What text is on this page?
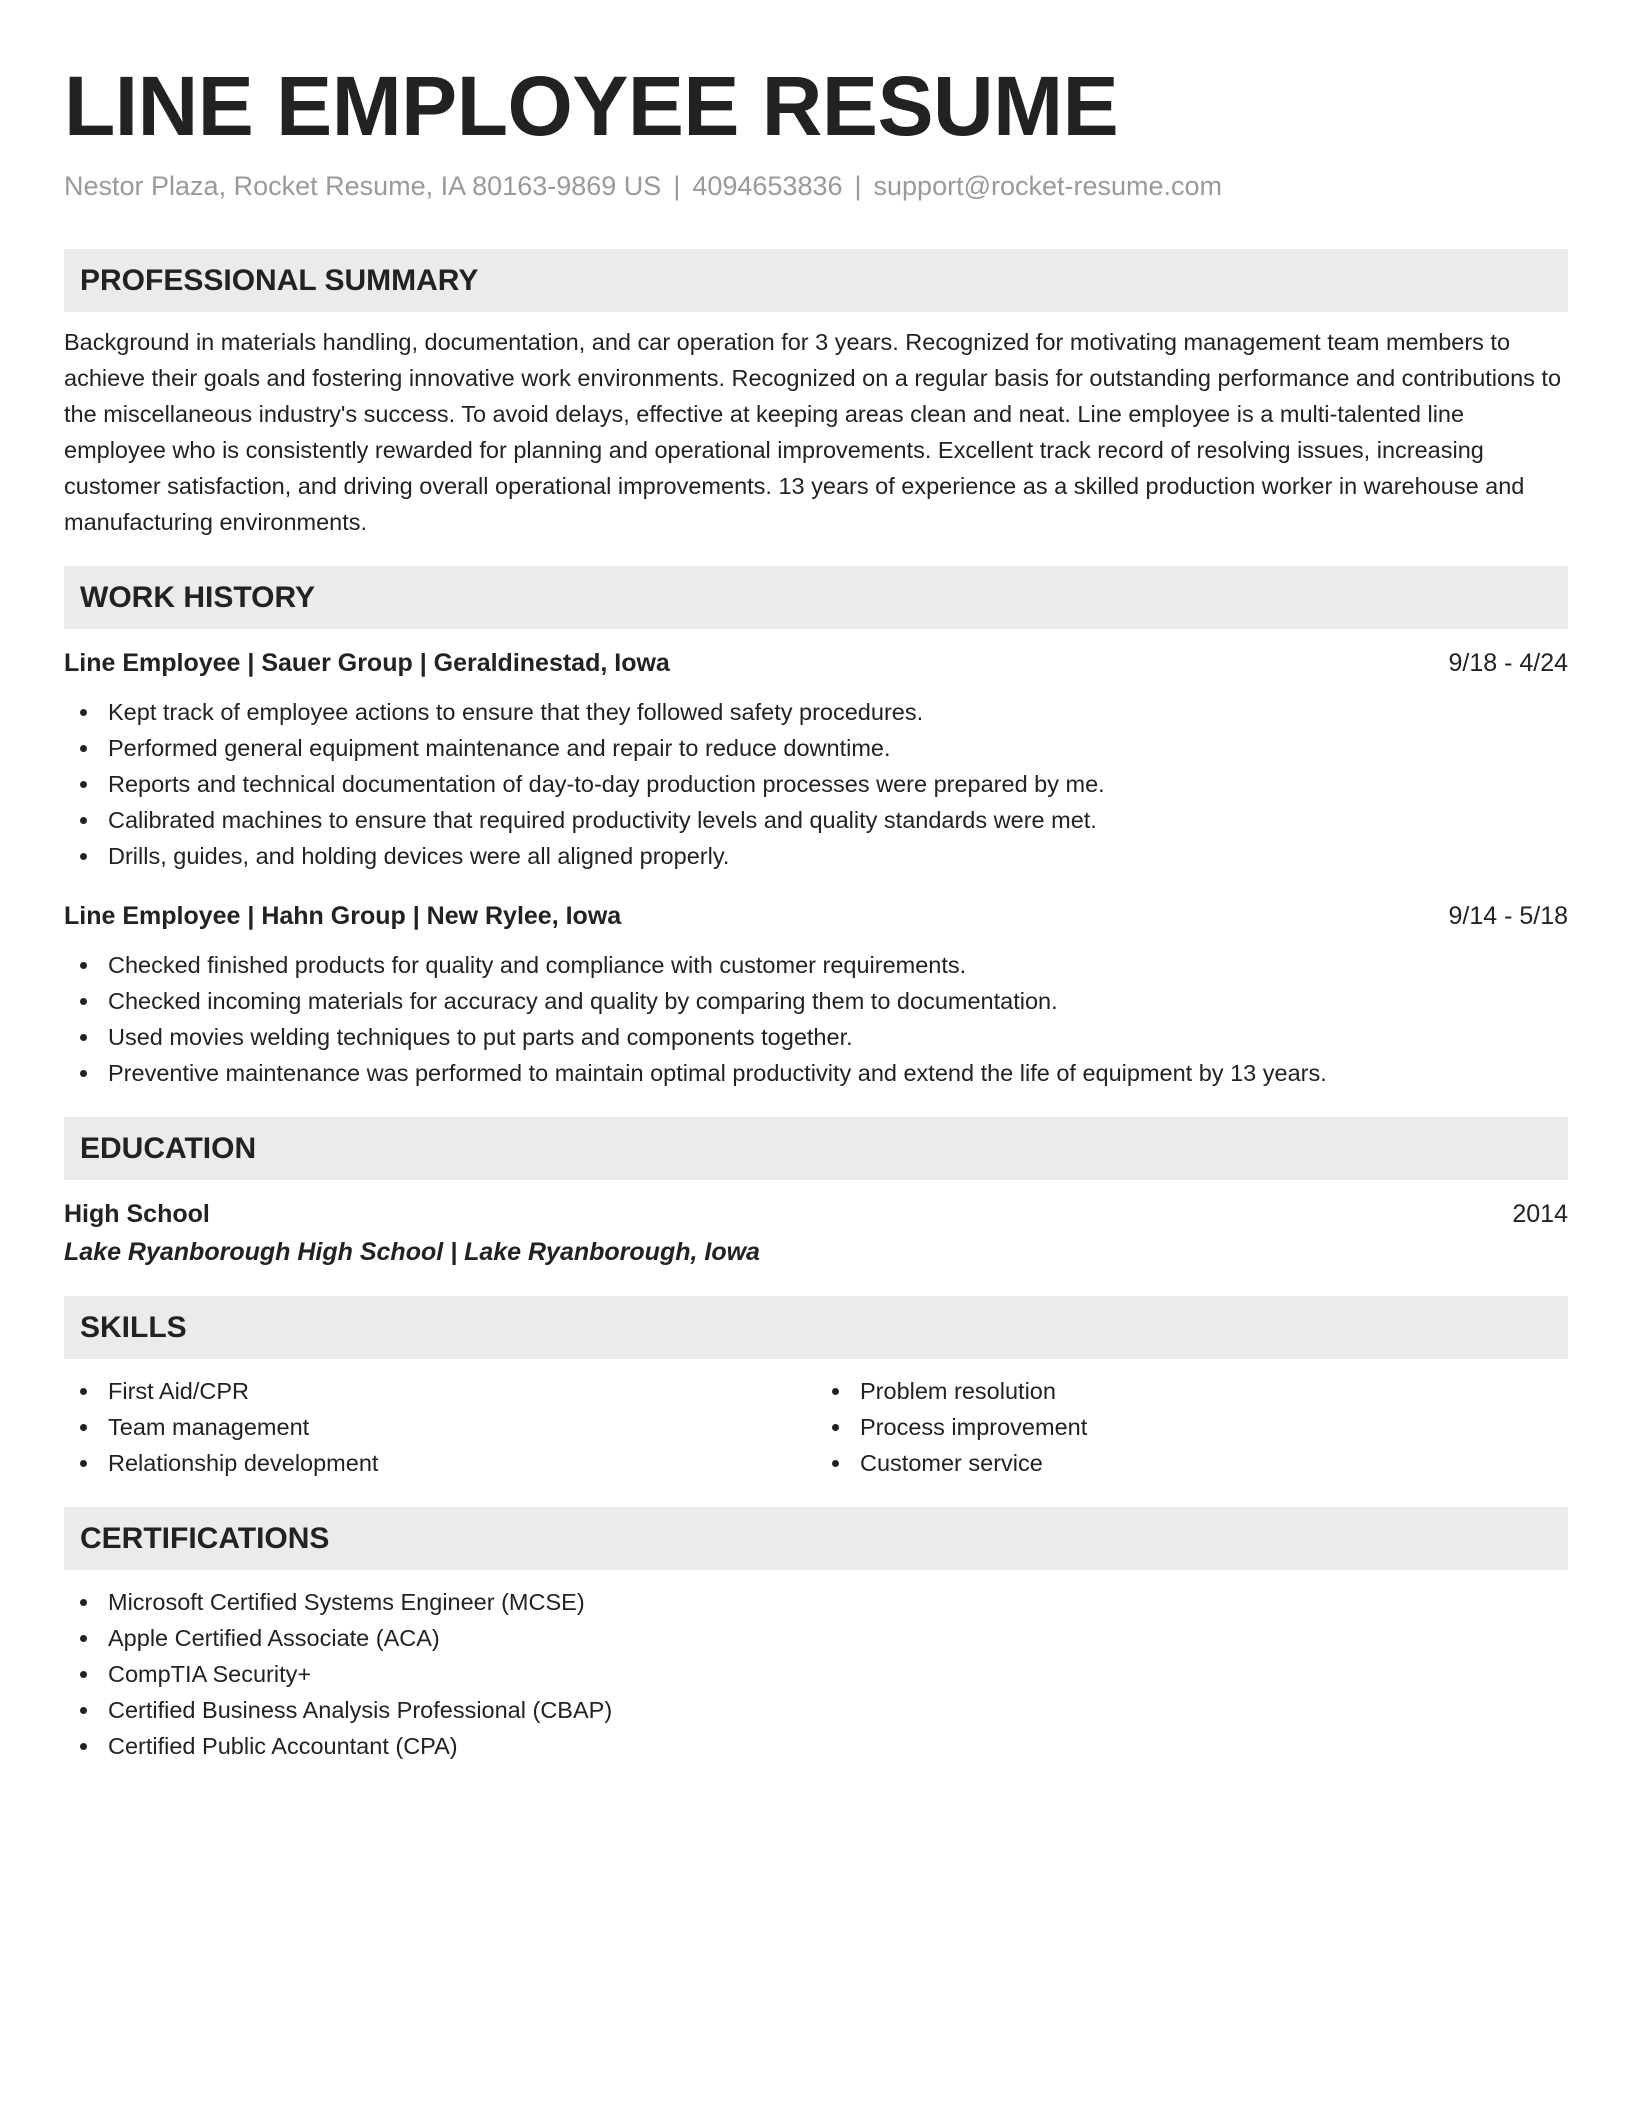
LINE EMPLOYEE RESUME
Nestor Plaza, Rocket Resume, IA 80163-9869 US | 4094653836 | support@rocket-resume.com
PROFESSIONAL SUMMARY

Background in materials handling, documentation, and car operation for 3 years. Recognized for motivating management team members to achieve their goals and fostering innovative work environments. Recognized on a regular basis for outstanding performance and contributions to the miscellaneous industry's success. To avoid delays, effective at keeping areas clean and neat. Line employee is a multi-talented line employee who is consistently rewarded for planning and operational improvements. Excellent track record of resolving issues, increasing customer satisfaction, and driving overall operational improvements. 13 years of experience as a skilled production worker in warehouse and manufacturing environments.

WORK HISTORY
Line Employee | Sauer Group | Geraldinestad, Iowa	9/18 - 4/24
Kept track of employee actions to ensure that they followed safety procedures.
Performed general equipment maintenance and repair to reduce downtime.
Reports and technical documentation of day-to-day production processes were prepared by me.
Calibrated machines to ensure that required productivity levels and quality standards were met.
Drills, guides, and holding devices were all aligned properly.
Line Employee | Hahn Group | New Rylee, Iowa	9/14 - 5/18
Checked finished products for quality and compliance with customer requirements.
Checked incoming materials for accuracy and quality by comparing them to documentation.
Used movies welding techniques to put parts and components together.
Preventive maintenance was performed to maintain optimal productivity and extend the life of equipment by 13 years.
EDUCATION
High School	2014
Lake Ryanborough High School | Lake Ryanborough, Iowa
SKILLS
First Aid/CPR
Team management
Relationship development
Problem resolution
Process improvement
Customer service
CERTIFICATIONS
Microsoft Certified Systems Engineer (MCSE)
Apple Certified Associate (ACA)
CompTIA Security+
Certified Business Analysis Professional (CBAP)
Certified Public Accountant (CPA)
